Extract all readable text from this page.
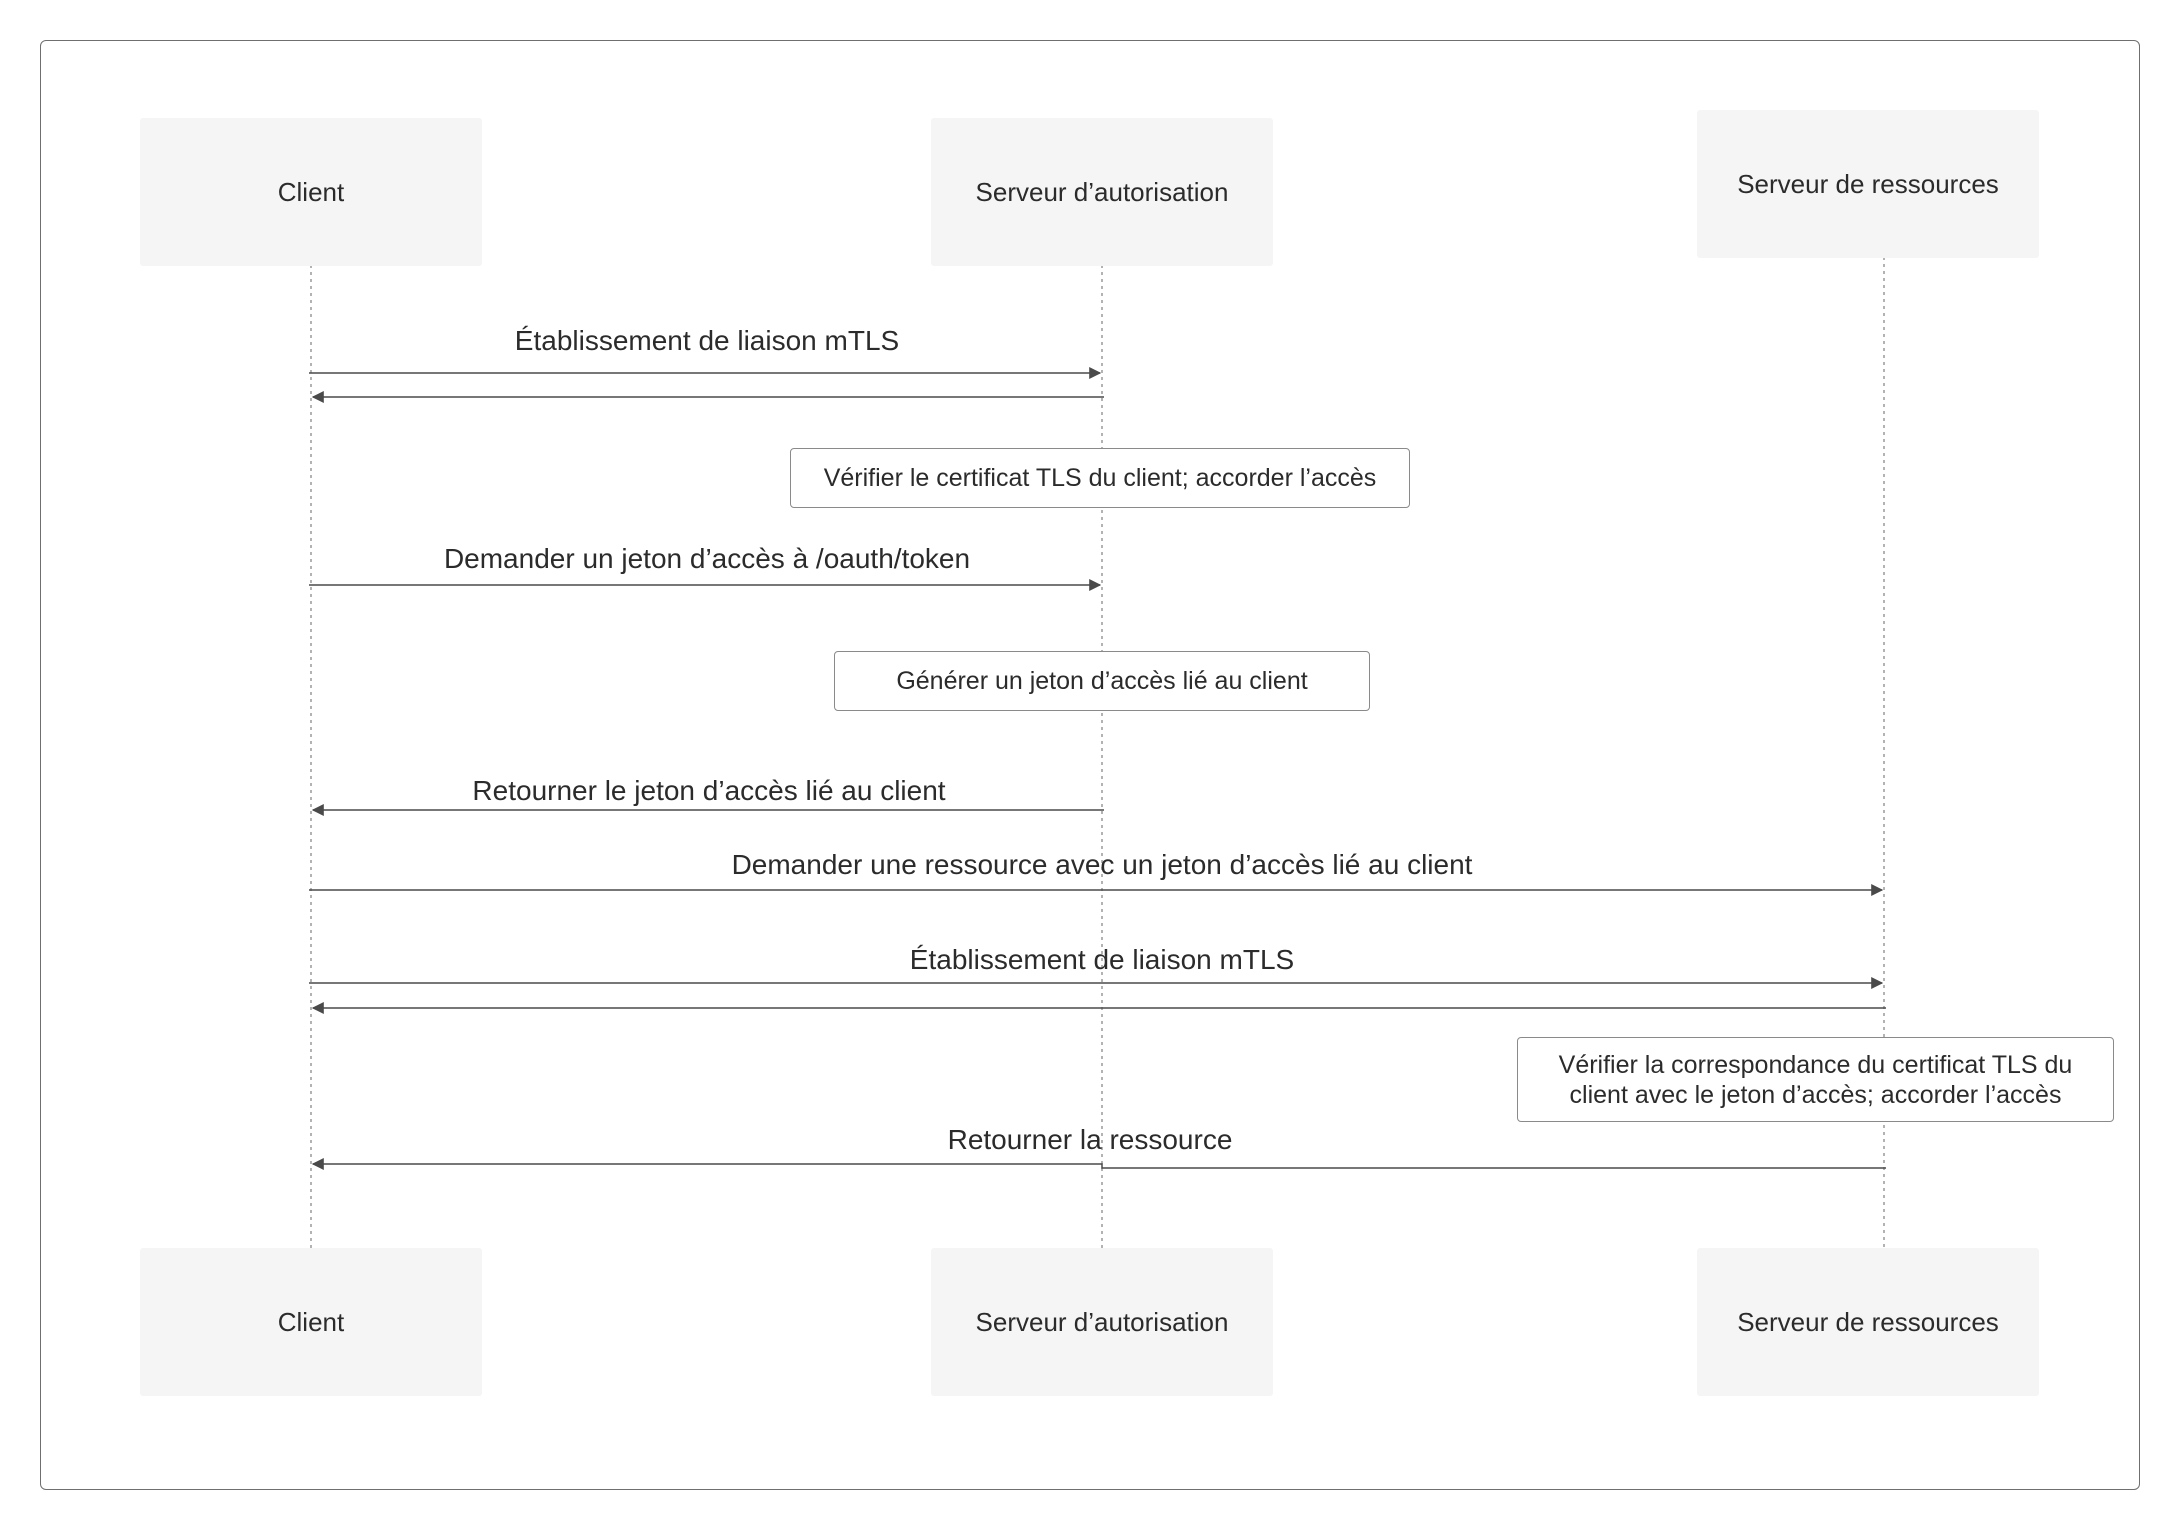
Client	Serveur d’autorisation	Serveur de ressources
Client	Serveur d’autorisation	Serveur de ressources
Établissement de liaison mTLS
Demander un jeton d’accès à /oauth/token
Retourner le jeton d’accès lié au client
Demander une ressource avec un jeton d’accès lié au client
Établissement de liaison mTLS
Retourner la ressource
Vérifier le certificat TLS du client; accorder l’accès
Générer un jeton d’accès lié au client
Vérifier la correspondance du certificat TLS du
client avec le jeton d’accès; accorder l’accès
